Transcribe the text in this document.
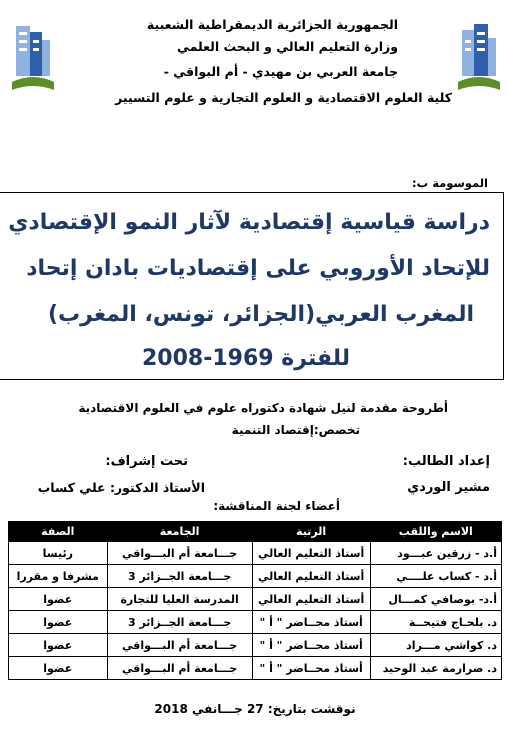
الجمهورية الجزائرية الديمقراطية الشعبية
وزارة التعليم العالي و البحث العلمي
جامعة العربي بن مهيدي - أم البواقي -
كلية العلوم الاقتصادية و العلوم التجارية و علوم التسيير
الموسومة ب:
دراسة قياسية إقتصادية لآثار النمو الإقتصادي
للإتحاد الأوروبي على إقتصاديات بادان إتحاد
المغرب العربي(الجزائر، تونس، المغرب)
للفترة 1969-2008
أطروحة مقدمة لنيل شهادة دكتوراه علوم في العلوم الاقتصادية
تخصص:إقتصاد التنمية
إعداد الطالب:
تحت إشراف:
مشير الوردي
الأستاذ الدكتور: علي كساب
أعضاء لجنة المناقشة:
الاسم واللقب	الرتبة	الجامعة	الصفة
أ.د - زرقين عبـــود	أستاذ التعليم العالي	جـــامعة أم البـــواقي	رئيسا
أ.د - كساب علــــي	أستاذ التعليم العالي	جـــامعة الجــزائر 3	مشرفا و مقررا
أ.د- بوصافي كمـــال	أستاذ التعليم العالي	المدرسة العليا للتجارة	عضوا
د. بلحـاج فتيحــة	أستاذ محــاضر " أ "	جـــامعة الجــزائر 3	عضوا
د. كواشي مـــراد	أستاذ محــاضر " أ "	جـــامعة أم البـــواقي	عضوا
د. صرارمة عبد الوحيد	أستاذ محــاضر " أ "	جـــامعة أم البـــواقي	عضوا
نوقشت بتاريخ: 27 جـــانفي 2018
